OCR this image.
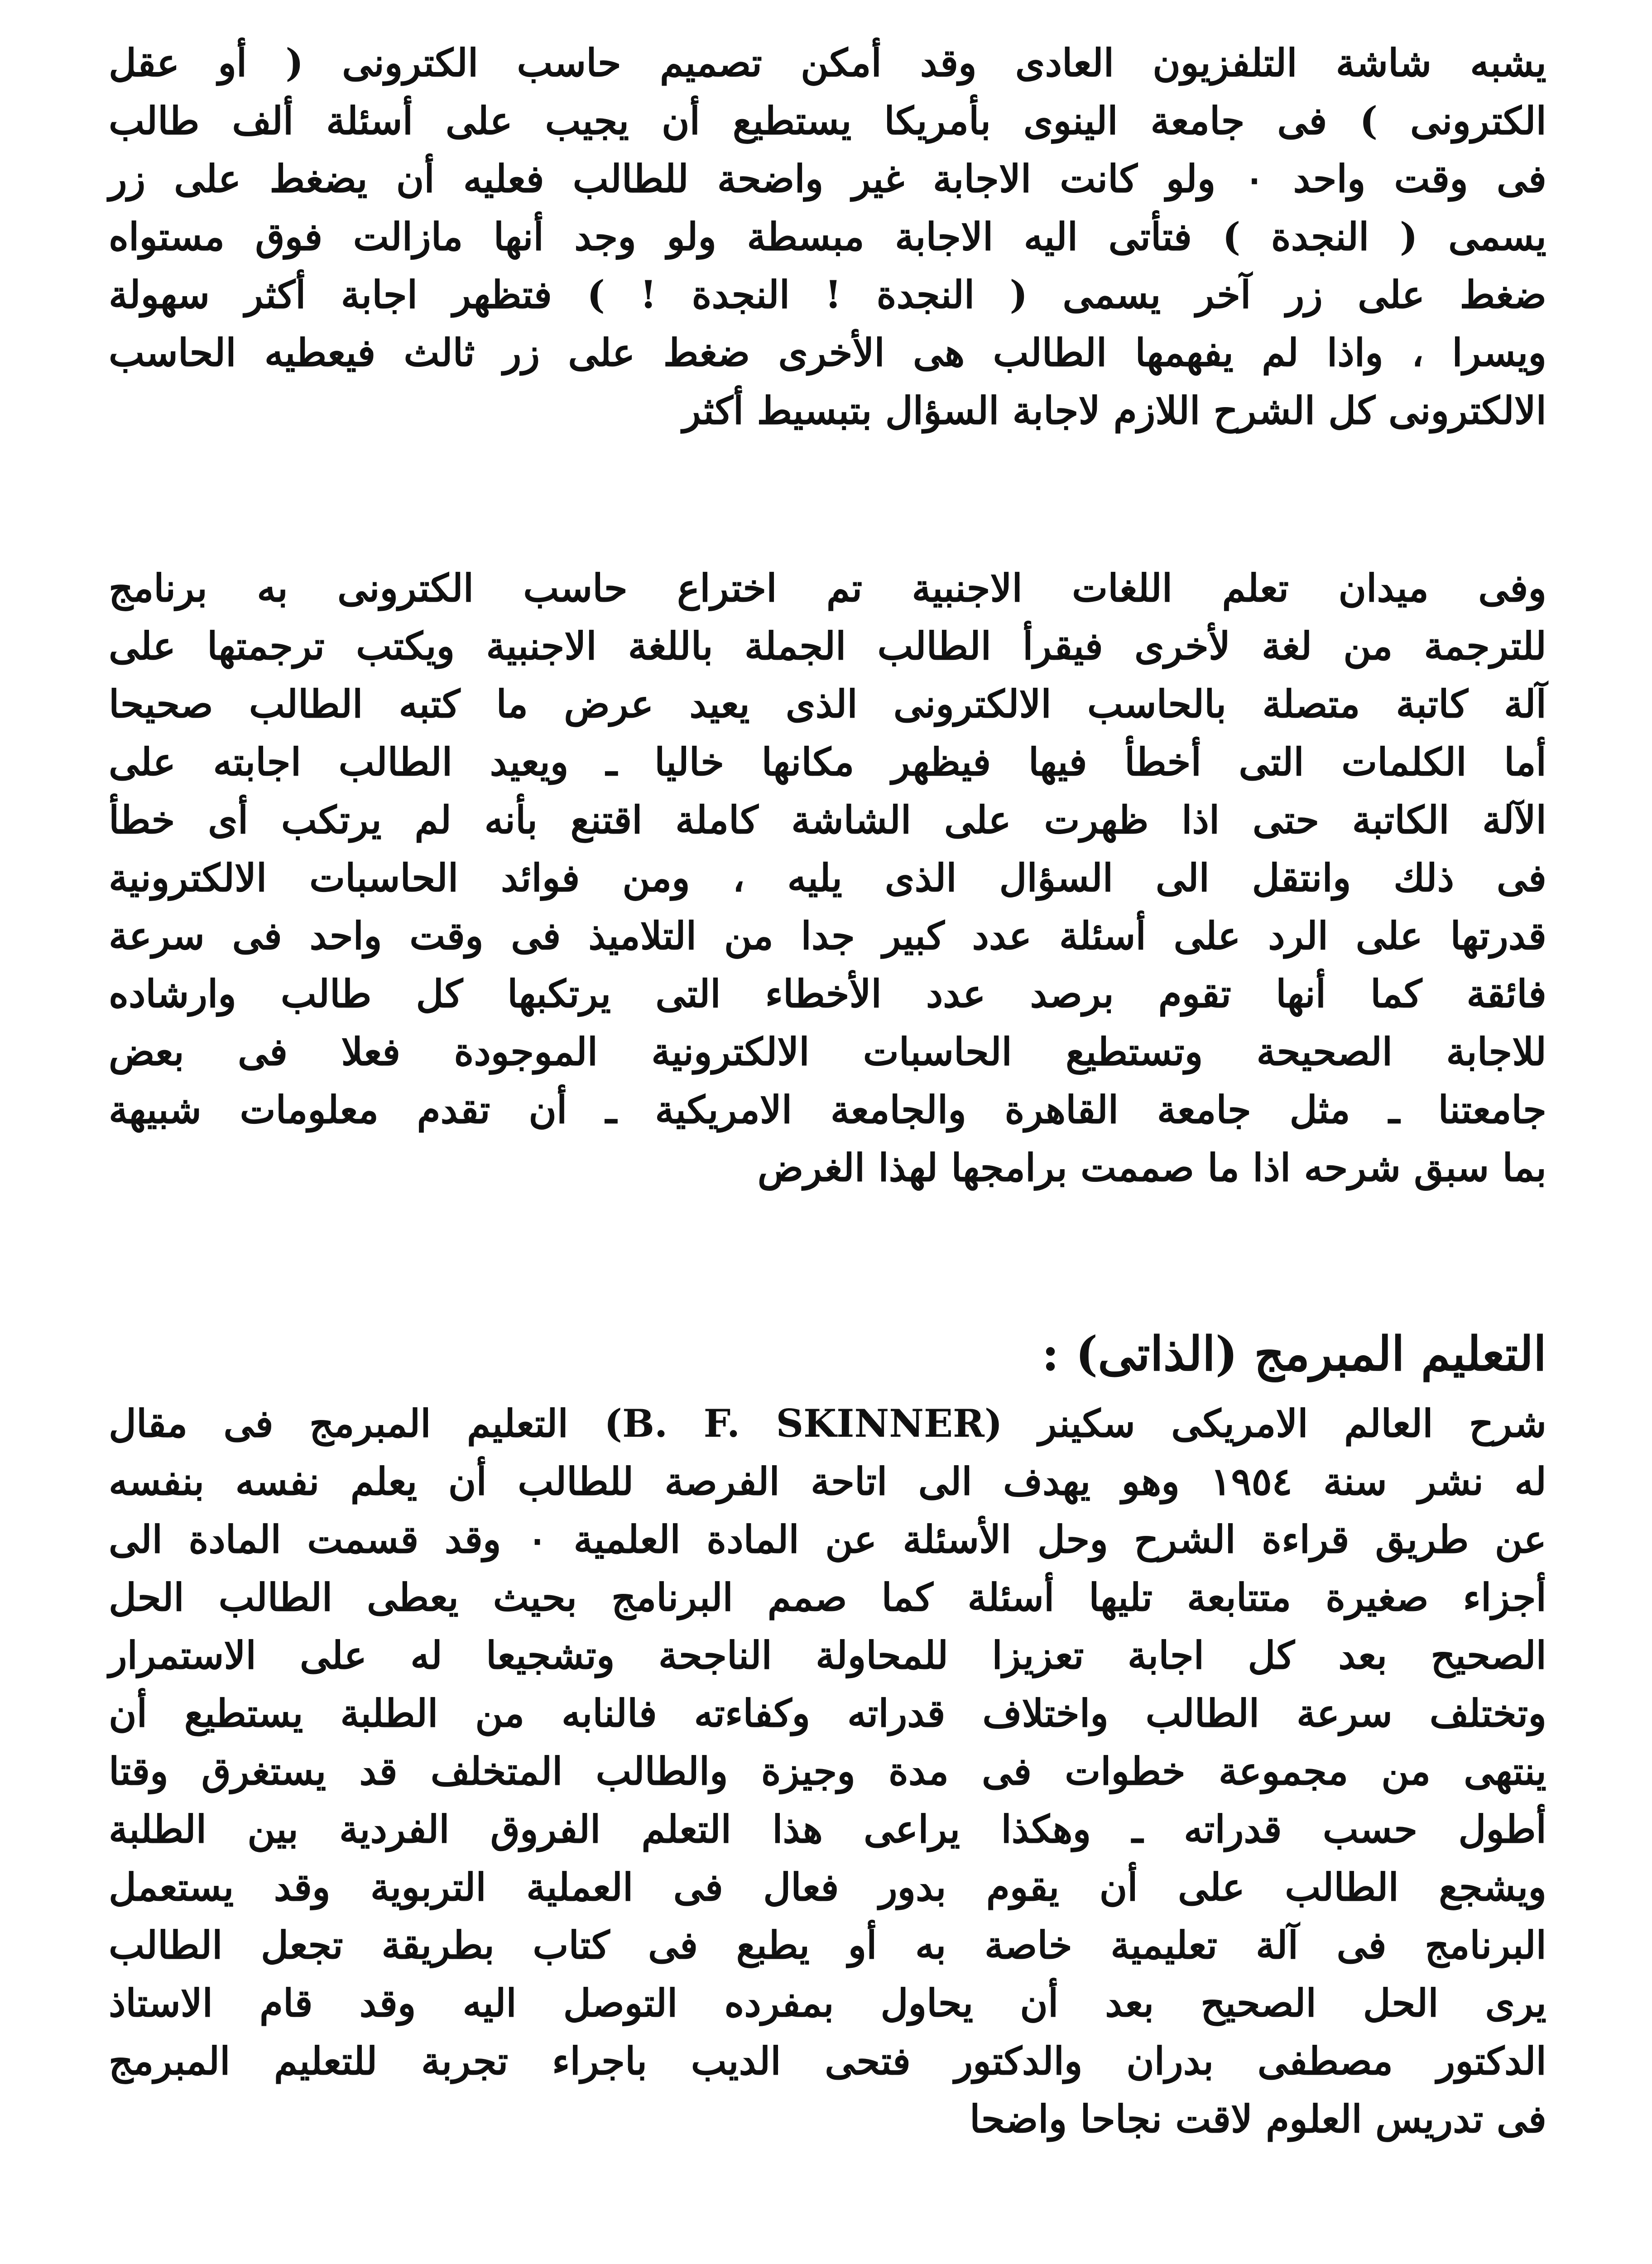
يشبه شاشة التلفزيون العادى وقد أمكن تصميم حاسب الكترونى ( أو عقل
الكترونى ) فى جامعة الينوى بأمريكا يستطيع أن يجيب على أسئلة ألف طالب
فى وقت واحد ٠ ولو كانت الاجابة غير واضحة للطالب فعليه أن يضغط على زر
يسمى ( النجدة ) فتأتى اليه الاجابة مبسطة ولو وجد أنها مازالت فوق مستواه
ضغط على زر آخر يسمى ( النجدة ! النجدة ! ) فتظهر اجابة أكثر سهولة
ويسرا ، واذا لم يفهمها الطالب هى الأخرى ضغط على زر ثالث فيعطيه الحاسب
الالكترونى كل الشرح اللازم لاجابة السؤال بتبسيط أكثر
وفى ميدان تعلم اللغات الاجنبية تم اختراع حاسب الكترونى به برنامج
للترجمة من لغة لأخرى فيقرأ الطالب الجملة باللغة الاجنبية ويكتب ترجمتها على
آلة كاتبة متصلة بالحاسب الالكترونى الذى يعيد عرض ما كتبه الطالب صحيحا
أما الكلمات التى أخطأ فيها فيظهر مكانها خاليا ـ ويعيد الطالب اجابته على
الآلة الكاتبة حتى اذا ظهرت على الشاشة كاملة اقتنع بأنه لم يرتكب أى خطأ
فى ذلك وانتقل الى السؤال الذى يليه ، ومن فوائد الحاسبات الالكترونية
قدرتها على الرد على أسئلة عدد كبير جدا من التلاميذ فى وقت واحد فى سرعة
فائقة كما أنها تقوم برصد عدد الأخطاء التى يرتكبها كل طالب وارشاده
للاجابة الصحيحة وتستطيع الحاسبات الالكترونية الموجودة فعلا فى بعض
جامعتنا ـ مثل جامعة القاهرة والجامعة الامريكية ـ أن تقدم معلومات شبيهة
بما سبق شرحه اذا ما صممت برامجها لهذا الغرض
التعليم المبرمج (الذاتى) :
شرح العالم الامريكى سكينر (B. F. SKINNER) التعليم المبرمج فى مقال
له نشر سنة ١٩٥٤ وهو يهدف الى اتاحة الفرصة للطالب أن يعلم نفسه بنفسه
عن طريق قراءة الشرح وحل الأسئلة عن المادة العلمية ٠ وقد قسمت المادة الى
أجزاء صغيرة متتابعة تليها أسئلة كما صمم البرنامج بحيث يعطى الطالب الحل
الصحيح بعد كل اجابة تعزيزا للمحاولة الناجحة وتشجيعا له على الاستمرار
وتختلف سرعة الطالب واختلاف قدراته وكفاءته فالنابه من الطلبة يستطيع أن
ينتهى من مجموعة خطوات فى مدة وجيزة والطالب المتخلف قد يستغرق وقتا
أطول حسب قدراته ـ وهكذا يراعى هذا التعلم الفروق الفردية بين الطلبة
ويشجع الطالب على أن يقوم بدور فعال فى العملية التربوية وقد يستعمل
البرنامج فى آلة تعليمية خاصة به أو يطبع فى كتاب بطريقة تجعل الطالب
يرى الحل الصحيح بعد أن يحاول بمفرده التوصل اليه وقد قام الاستاذ
الدكتور مصطفى بدران والدكتور فتحى الديب باجراء تجربة للتعليم المبرمج
فى تدريس العلوم لاقت نجاحا واضحا
